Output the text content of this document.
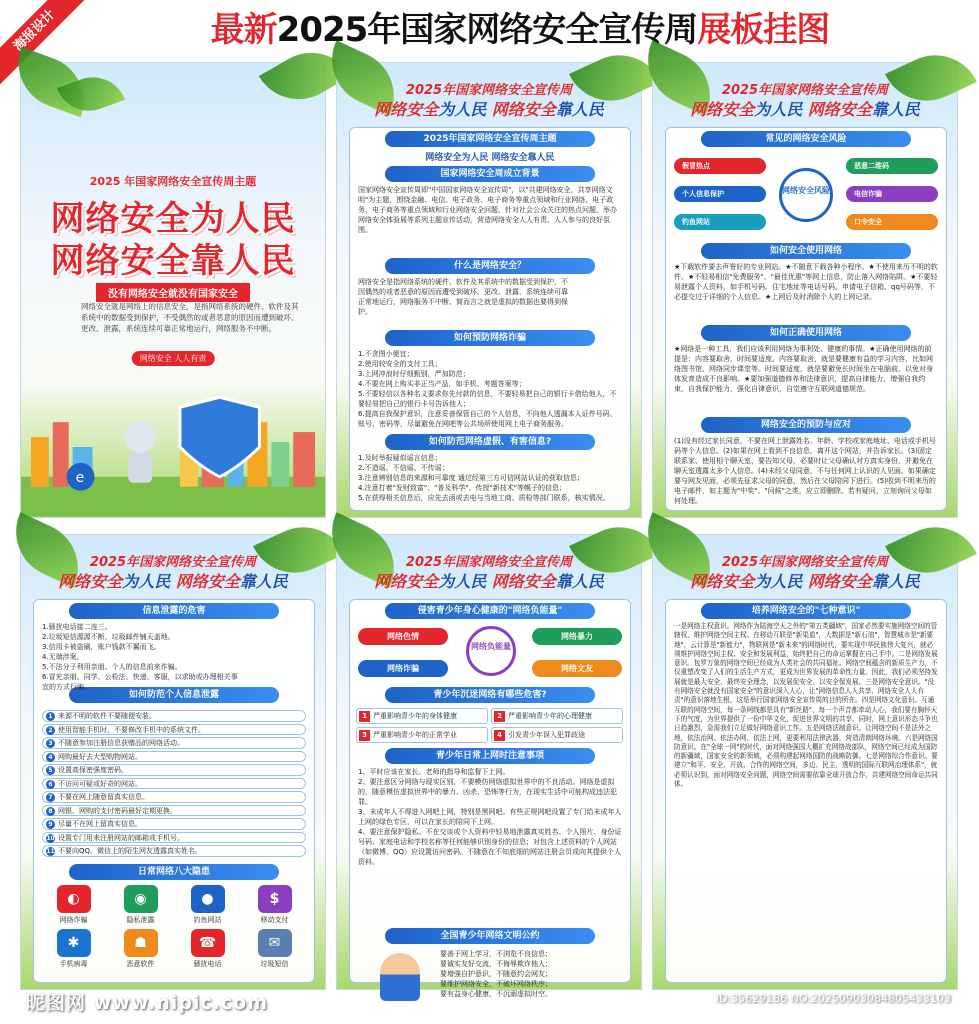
海报设计	最新2025年国家网络安全宣传周展板挂图
2025 年国家网络安全宣传周主题
网络安全为人民
网络安全靠人民
没有网络安全就没有国家安全
网络安全就是网络上的信息安全，是指网络系统的硬件、软件及其系统中的数据受到保护，不受偶然的或者恶意的原因而遭到破坏、更改、泄露，系统连续可靠正常地运行，网络服务不中断。
网络安全 人人有责
e
2025年国家网络安全宣传周
网络安全为人民 网络安全靠人民
2025年国家网络安全宣传周主题
网络安全为人民 网络安全靠人民
国家网络安全周成立背景
国家网络安全宣传周即"中国国家网络安全宣传周"，以"共建网络安全，共享网络文明"为主题，围绕金融、电信、电子政务、电子商务等重点领域和行业网络、电子政务、电子商务等重点领域和行业网络安全问题，针对社会公众关注的热点问题，举办网络安全体验展等系列主题宣传活动，营造网络安全人人有责、人人参与的良好氛围。
什么是网络安全？
网络安全是指网络系统的硬件、软件及其系统中的数据受到保护，不因偶然的或者恶意的原因而遭受到破坏、更改、泄露，系统连续可靠正常地运行，网络服务不中断。简而言之就是虚拟的数据也要得到保护。
如何预防网络诈骗

1.不贪图小便宜；

2.使用较安全的支付工具；

3.上网冲浪时仔细甄别，严加防范；

4.不要在网上购买非正当产品，如手机、考题答案等；

5.不要轻信以各种名义要求你先付款的信息，不要轻易把自己的银行卡借给他人，不要轻易把自己的银行卡号告诉他人；

6.提高自我保护意识，注意妥善保管自己的个人信息，不向他人透漏本人证件号码、账号、密码等，尽量避免在网吧等公共场所使用网上电子商务服务。

如何防范网络虚假、有害信息?

1.及时举报疑似谣言信息；

2.不造谣、不信谣、不传谣；

3.注意辨别信息的来源和可靠度 通过经第三方可信网站认证的获取信息；

4.注意打着"发财致富"、"普及科学"、传授"新技术"等幌子的信息；

5.在获得相关信息后，应先去函或去电与当地工商、质检等部门联系，核实情况。

2025年国家网络安全宣传周
网络安全为人民 网络安全靠人民
常见的网络安全风险
假冒热点	恶意二维码
个人信息保护	电信诈骗
钓鱼网站	口令安全
网络安全风险
如何安全使用网络
★下载软件要去声誉好的专业网站。★不随意下载各种小程序。★不使用来历不明的软件。★不轻易相信"免费服务"、"最佳优惠"等网上信息，防止落入网络陷阱。★不要轻易泄露个人资料，如手机号码、住宅地址等电话号码。申请电子信箱、qq号码等，不必提交过于详细的个人信息。★上网后及时消除个人的上网记录。
如何正确使用网络
★网络是一种工具，我们应该利用网络为事利处、健康的事情。★正确使用网络的前提是：内容要取舍，时间要适度。内容要取舍，就是要健康有益的学习内容，比如网络图书馆、网络同步课堂等。时间要适度，就是要避免长时间坐在电脑前，以免对身体发育造成不良影响。★要加强道德修养和法律意识，提高自律能力，增强自我约束、自我保护能力，强化自律意识，自觉遵守互联网道德规范。
网络安全的预防与应对
(1)没有经过家长同意，不要在网上泄露姓名、年龄、学校或家庭地址、电话或手机号码等个人信息。(2)如果在网上看到不良信息，离开这个网站，并告诉家长。(3)固定联系家、使用相个聊天室，要告知父母，必要时让父母确认对方真实身份，并避免在聊天室透露太多个人信息。(4)未经父母同意，不与任何网上认识的人见面。如果确定要与网友见面，必须先征求父母的同意，然后在父母陪同下进行。(5)收到不明来历的电子邮件，如主题为"中奖"、"问候"之类，应立即删除。若有疑问，立刻询问父母如何处理。
2025年国家网络安全宣传周
网络安全为人民 网络安全靠人民
信息泄露的危害

1.骚扰电话接二连三。

2.垃圾短信源源不断，垃圾邮件铺天盖地。

3.信用卡被盗刷，账户钱款不翼而飞。

4.无端涉案。

5.不法分子利用亲朋、个人的信息前来诈骗。

6.冒充亲朋、同学、公检法、快递、客服，以求助或办理相关事宜的方式行骗。

如何防范个人信息泄露
1 来源不明的软件不要随便安装。
2 使用智能手机时，不要修改手机中的系统文件。
3 不随意参加注册信息获赠品的网络活动。
4 网购最好去大型购物网站。
5 设置高保密强度密码。
6 不访问可疑或好奇的网站。
7 不要在网上随意留真实信息。
8 网银、网购的支付密码最好定期更换。
9 尽量不在网上留真实信息。
10 设置专门用来注册网站的邮箱或手机号。
11 不要向QQ、微信上的陌生网友透露真实姓名。
日常网络八大隐患
◐
网络诈骗
◉
隐私泄露
●
钓鱼网站
$
移动支付
✱
手机病毒
☗
恶意软件
☎
骚扰电话
✉
垃圾短信
2025年国家网络安全宣传周
网络安全为人民 网络安全靠人民
侵害青少年身心健康的"网络负能量"
网络色情	网络暴力
网络诈骗	网络文友
网络负能量
青少年沉迷网络有哪些危害?
1 严重影响青少年的身体健康	2 严重影响青少年的心理健康
3 严重影响青少年的正常学业	4 引发青少年误入犯罪歧途
青少年日常上网时注意事项

1、平时应该在家长、老师的指导和监督下上网。

2、要注意区分网络与现实区别，不要模仿网络虚拟世界中的不良活动。网络是虚拟的，随意模仿虚拟世界中的暴力、凶杀、恐怖等行为，在现实生活中可能构成违法犯罪。

3、未成年人不得进入网吧上网，特别是黑网吧。有些正规网吧设置了专门给未成年人上网的绿色专区，可以在家长的陪同下上网。

4、要注意保护隐私。不在交谈或个人资料中轻易地泄露真实姓名、个人照片、身份证号码、家庭电话和学校名称等任何能够识别身份的信息；对包含上述资料的个人网站（如微博、QQ）应设置访问密码。不随意在不知底细的网站注册会员或向其提供个人资料。

全国青少年网络文明公约

要善于网上学习，不浏览不良信息；

要诚实友好交流，不侮辱欺诈他人；

要增强自护意识，不随意约会网友；

要维护网络安全，不破坏网络秩序；

要有益身心健康，不沉溺虚拟时空。

2025年国家网络安全宣传周
网络安全为人民 网络安全靠人民
培养网络安全的"七种意识"
一是网络主权意识。网络作为陆海空天之外的"第五类疆域"，国家必然要实施网络空间的管辖权，维护网络空间主权。在移动互联是"新渠道"，大数据是"新石油"，智慧城市是"新要地"，云计算是"新能力"，物联网是"新未来"的网络时代，要实现中华民族伟大复兴，就必须维护网络空间主权、安全和发展利益，始终把自己的命运掌握在自己手中。二是网络发展意识。包罗万象的网络空间已经成为人类社会的共同福祉。网络空间蕴含的新质生产力，不仅重塑改变了人们的生活生产方式，更成为世界发展的革命性力量。因此，我们必须坚持发展就是最大安全、最终安全理念，以发展促安全、以安全保发展。三是网络安全意识。"没有网络安全就没有国家安全"的意识深入人心，让"网络信息人人共享、网络安全人人有责"的意识落地生根，这是举行国家网络安全宣传周的目的所在。四是网络文化意识。互通互联的网络空间，每一条网线都是具有"新丝路"，每一个声音都牵动人心，我们要有胸怀天下的气度，为世界提供了一份中华文化，促进世界文明的共享，同时，网上意识形态斗争也日趋激烈，急需我们立足做好网络意识工作。五是网络法制意识。让网络空间不是法外之地，依法治网、依法办网、依法上网，更要利用法律武器，营造清朗网络环境。六是网络国防意识。在"全球一网"的时代，面对网络强国大棚扩充网络战部队，网络空间已经成为国防的新疆域，国家安全的新领域，必须构建起网络国防的战略防御。七是网络综合作意识。要建立"和平、安全、开放、合作的网络空间，多边、民主、透明的国际互联网治理体系"，就必须认识到，面对网络安全问题，网络空间需要依靠全球开放合作，共建网络空间命运共同体。
昵图网 www.nipic.com	ID:35629186 NO:20250903084805433103
